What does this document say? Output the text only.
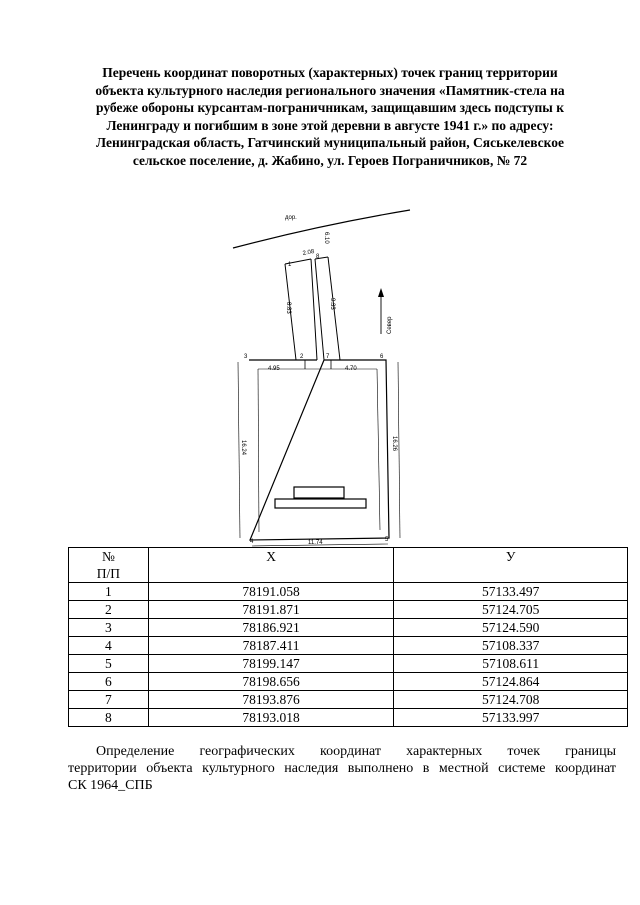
Перечень координат поворотных (характерных) точек границ территории
объекта культурного наследия регионального значения «Памятник-стела на
рубеже обороны курсантам-пограничникам, защищавшим здесь подступы к
Ленинграду и погибшим в зоне этой деревни в августе 1941 г.» по адресу:
Ленинградская область, Гатчинский муниципальный район, Сяськелевское
сельское поселение, д. Жабино, ул. Героев Пограничников, № 72
дор.
Север
1
2
3
4	5
6
7
8
2.08
6.10
8.83	9.33
4.95	4.70
16.24	16.26
11.74
№
П/П	X	У
1	78191.058	57133.497
2	78191.871	57124.705
3	78186.921	57124.590
4	78187.411	57108.337
5	78199.147	57108.611
6	78198.656	57124.864
7	78193.876	57124.708
8	78193.018	57133.997
Определение географических координат характерных точек границы
территории объекта культурного наследия выполнено в местной системе координат
СК 1964_СПБ
